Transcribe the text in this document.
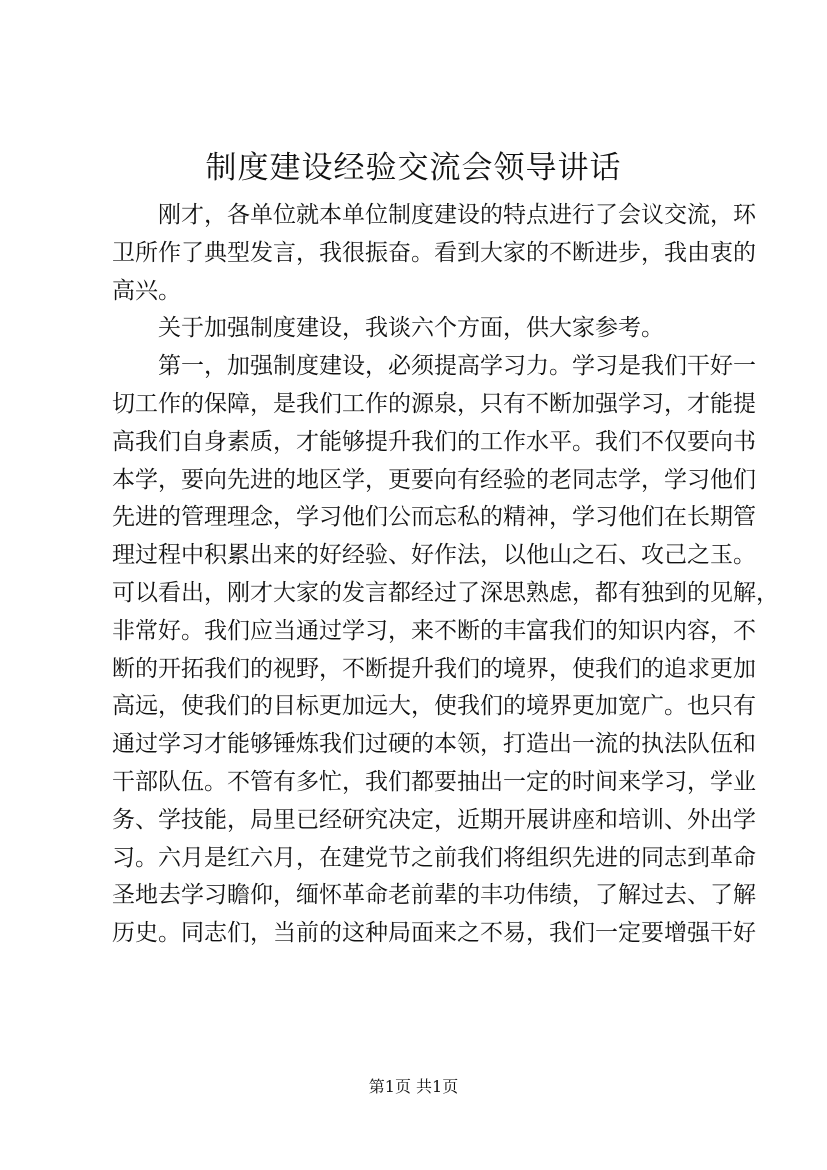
制度建设经验交流会领导讲话
刚才，各单位就本单位制度建设的特点进行了会议交流，环
卫所作了典型发言，我很振奋。看到大家的不断进步，我由衷的
高兴。
关于加强制度建设，我谈六个方面，供大家参考。
第一，加强制度建设，必须提高学习力。学习是我们干好一
切工作的保障，是我们工作的源泉，只有不断加强学习，才能提
高我们自身素质，才能够提升我们的工作水平。我们不仅要向书
本学，要向先进的地区学，更要向有经验的老同志学，学习他们
先进的管理理念，学习他们公而忘私的精神，学习他们在长期管
理过程中积累出来的好经验、好作法，以他山之石、攻己之玉。
可以看出，刚才大家的发言都经过了深思熟虑，都有独到的见解，
非常好。我们应当通过学习，来不断的丰富我们的知识内容，不
断的开拓我们的视野，不断提升我们的境界，使我们的追求更加
高远，使我们的目标更加远大，使我们的境界更加宽广。也只有
通过学习才能够锤炼我们过硬的本领，打造出一流的执法队伍和
干部队伍。不管有多忙，我们都要抽出一定的时间来学习，学业
务、学技能，局里已经研究决定，近期开展讲座和培训、外出学
习。六月是红六月，在建党节之前我们将组织先进的同志到革命
圣地去学习瞻仰，缅怀革命老前辈的丰功伟绩，了解过去、了解
历史。同志们，当前的这种局面来之不易，我们一定要增强干好
第1页 共1页
